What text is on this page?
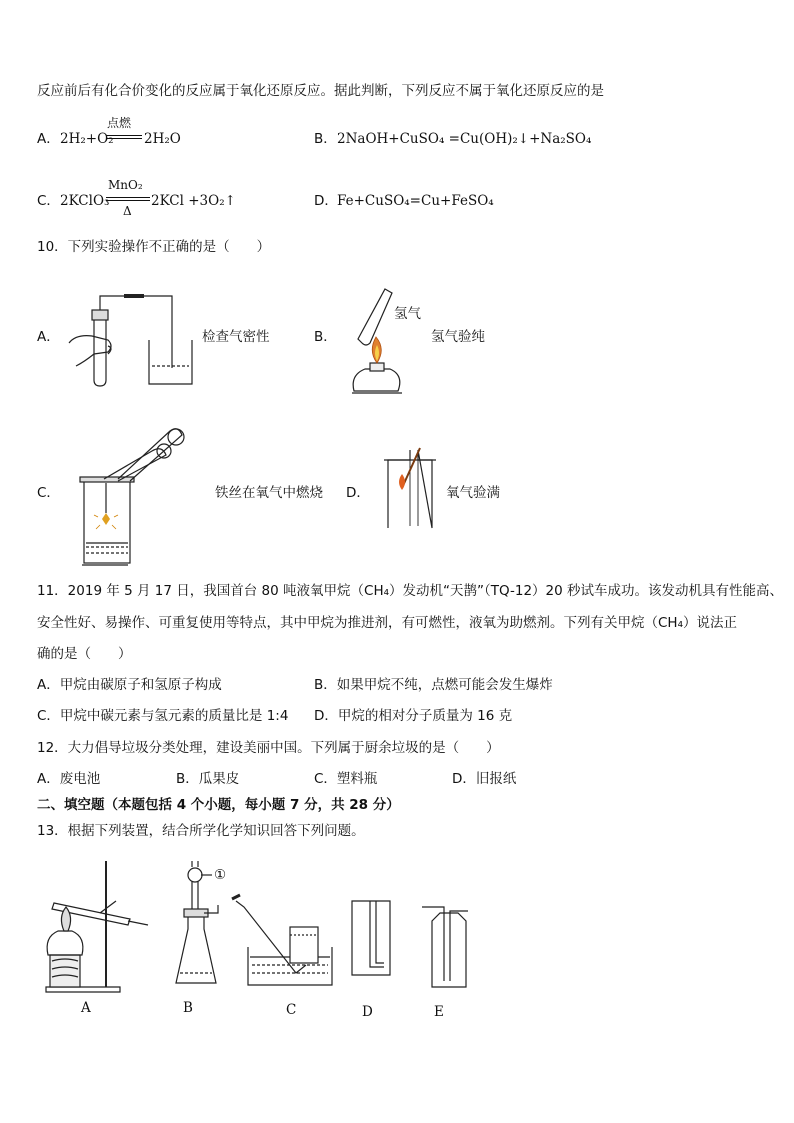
反应前后有化合价变化的反应属于氧化还原反应。据此判断，下列反应不属于氧化还原反应的是
A． 2H₂+O₂
点燃
2H₂O	B． 2NaOH+CuSO₄ =Cu(OH)₂↓+Na₂SO₄
C． 2KClO₃
MnO₂
Δ
2KCl +3O₂↑	D． Fe+CuSO₄=Cu+FeSO₄
10．下列实验操作不正确的是（　　）
A．	检查气密性	B．
氢气
氢气验纯
C．	铁丝在氧气中燃烧 D．	氧气验满
11．2019 年 5 月 17 日，我国首台 80 吨液氧甲烷（CH₄）发动机“天鹊”（TQ-12）20 秒试车成功。该发动机具有性能高、
安全性好、易操作、可重复使用等特点，其中甲烷为推进剂，有可燃性，液氧为助燃剂。下列有关甲烷（CH₄）说法正
确的是（　　）
A．甲烷由碳原子和氢原子构成	B．如果甲烷不纯，点燃可能会发生爆炸
C．甲烷中碳元素与氢元素的质量比是 1:4 D．甲烷的相对分子质量为 16 克
12．大力倡导垃圾分类处理，建设美丽中国。下列属于厨余垃圾的是（　　）
A．废电池	B．瓜果皮	C．塑料瓶	D．旧报纸
二、填空题（本题包括 4 个小题，每小题 7 分，共 28 分）
13．根据下列装置，结合所学化学知识回答下列问题。
A	B	C	D	E
①
